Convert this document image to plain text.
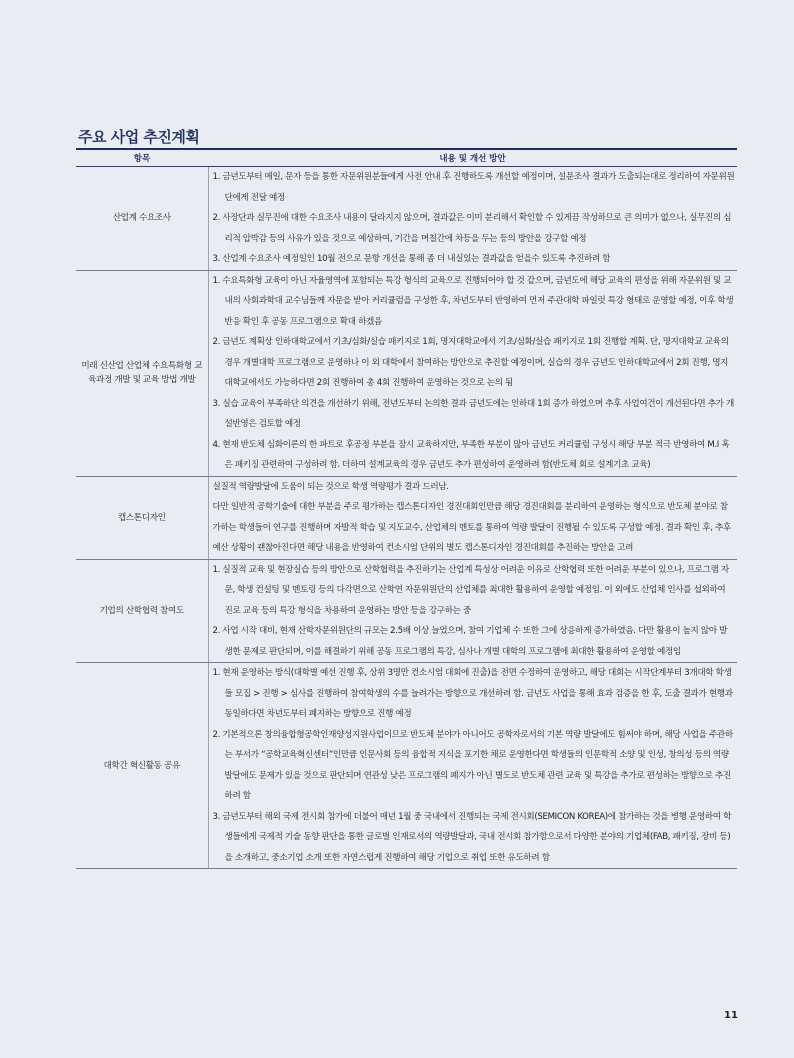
주요 사업 추진계획
항목	내용 및 개선 방안
산업계 수요조사	1. 금년도부터 메일, 문자 등을 통한 자문위원분들에게 사전 안내 후 진행하도록 개선할 예정이며, 설문조사 결과가 도출되는대로 정리하여 자문위원단에게 전달 예정
2. 사장단과 실무진에 대한 수요조사 내용이 달라지지 않으며, 결과값은 이미 분리해서 확인할 수 있게끔 작성하므로 큰 의미가 없으나, 실무진의 심리적 압박감 등의 사유가 있을 것으로 예상하여, 기간을 며칠간에 차등을 두는 등의 방안을 강구할 예정
3. 산업계 수요조사 예정일인 10월 전으로 문항 개선을 통해 좀 더 내실있는 결과값을 얻을수 있도록 추진하려 함

미래 신산업 산업체 수요특화형 교육과정 개발 및 교육 방법 개발	1. 수요특화형 교육이 아닌 자율영역에 포함되는 특강 형식의 교육으로 진행되어야 할 것 같으며, 금년도에 해당 교육의 편성을 위해 자문위원 및 교내의 사회과학대 교수님들께 자문을 받아 커리큘럼을 구성한 후, 차년도부터 반영하여 먼저 주관대학 파일럿 특강 형태로 운영할 예정, 이후 학생 반응 확인 후 공동 프로그램으로 확대 하겠음
2. 금년도 계획상 인하대학교에서 기초/심화/실습 패키지로 1회, 명지대학교에서 기초/심화/실습 패키지로 1회 진행할 계획. 단, 명지대학교 교육의 경우 개별대학 프로그램으로 운영하나 이 외 대학에서 참여하는 방안으로 추진할 예정이며, 실습의 경우 금년도 인하대학교에서 2회 진행, 명지대학교에서도 가능하다면 2회 진행하여 총 4회 진행하여 운영하는 것으로 논의 됨
3. 실습 교육이 부족하단 의견을 개선하기 위해, 전년도부터 논의한 결과 금년도에는 인하대 1회 증가 하였으며 추후 사업여건이 개선된다면 추가 개설반영은 검토할 예정
4. 현재 반도체 심화이론의 한 파트로 후공정 부분을 잠시 교육하지만, 부족한 부분이 많아 금년도 커리큘럼 구성시 해당 부분 적극 반영하여 M.I 혹은 패키징 관련하여 구성하려 함. 더하여 설계교육의 경우 금년도 추가 편성하여 운영하려 함(반도체 회로 설계기초 교육)

캡스톤디자인	실질적 역량발달에 도움이 되는 것으로 학생 역량평가 결과 드러남.
다만 일반적 공학기술에 대한 부분을 주로 평가하는 캡스톤디자인 경진대회인만큼 해당 경진대회를 분리하여 운영하는 형식으로 반도체 분야로 참가하는 학생들이 연구를 진행하며 자발적 학습 및 지도교수, 산업체의 멘토를 통하여 역량 발달이 진행될 수 있도록 구성할 예정. 결과 확인 후, 추후 예산 상황이 괜찮아진다면 해당 내용을 반영하여 컨소시엄 단위의 별도 캡스톤디자인 경진대회를 추진하는 방안을 고려

기업의 산학협력 참여도	1. 실질적 교육 및 현장실습 등의 방안으로 산학협력을 추진하기는 산업계 특성상 어려운 이유로 산학협력 또한 어려운 부분이 있으나, 프로그램 자문, 학생 컨설팅 및 멘토링 등의 다각면으로 산학연 자문위원단의 산업체를 최대한 활용하여 운영할 예정임. 이 외에도 산업체 인사를 섭외하여 진로 교육 등의 특강 형식을 차용하여 운영하는 방안 등을 강구하는 중
2. 사업 시작 대비, 현재 산학자문위원단의 규모는 2.5배 이상 늘었으며, 참여 기업체 수 또한 그에 상응하게 증가하였음. 다만 활용이 높지 않아 발생한 문제로 판단되며, 이를 해결하기 위해 공동 프로그램의 특강, 심사나 개별 대학의 프로그램에 최대한 활용하여 운영할 예정임

대학간 혁신활동 공유	1. 현재 운영하는 방식(대학별 예선 진행 후, 상위 3명만 컨소시엄 대회에 진출)을 전면 수정하여 운영하고, 해당 대회는 시작단계부터 3개대학 학생들 모집 > 진행 > 심사를 진행하여 참여학생의 수를 늘려가는 방향으로 개선하려 함. 금년도 사업을 통해 효과 검증을 한 후, 도출 결과가 현행과 동일하다면 차년도부터 폐지하는 방향으로 진행 예정
2. 기본적으론 창의융합형공학인재양성지원사업이므로 반도체 분야가 아니어도 공학자로서의 기본 역량 발달에도 힘써야 하며, 해당 사업을 주관하는 부서가 “공학교육혁신센터”인만큼 인문사회 등의 융합적 지식을 포기한 채로 운영한다면 학생들의 인문학적 소양 및 인성, 창의성 등의 역량 발달에도 문제가 있을 것으로 판단되며 연관성 낮은 프로그램의 폐지가 아닌 별도로 반도체 관련 교육 및 특강을 추가로 편성하는 방향으로 추진하려 함
3. 금년도부터 해외 국제 전시회 참가에 더불어 매년 1월 중 국내에서 진행되는 국제 전시회(SEMICON KOREA)에 참가하는 것을 병행 운영하여 학생들에게 국제적 기술 동향 판단을 통한 글로벌 인재로서의 역량발달과, 국내 전시회 참가함으로서 다양한 분야의 기업체(FAB, 패키징, 장비 등)을 소개하고, 중소기업 소개 또한 자연스럽게 진행하여 해당 기업으로 취업 또한 유도하려 함
11
